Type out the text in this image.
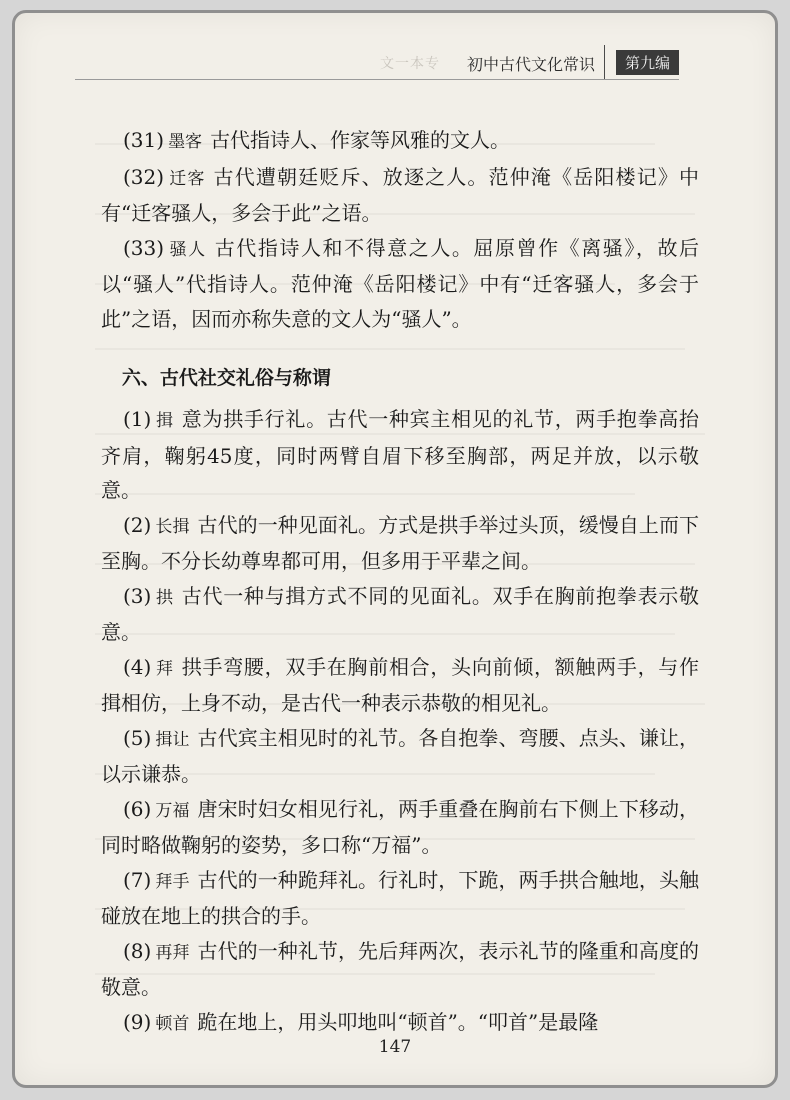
文一本专 初中古代文化常识	第九编

(31) 墨客 古代指诗人、作家等风雅的文人。

(32) 迁客 古代遭朝廷贬斥、放逐之人。范仲淹《岳阳楼记》中有“迁客骚人，多会于此”之语。

(33) 骚人 古代指诗人和不得意之人。屈原曾作《离骚》，故后以“骚人”代指诗人。范仲淹《岳阳楼记》中有“迁客骚人，多会于此”之语，因而亦称失意的文人为“骚人”。

六、古代社交礼俗与称谓

(1) 揖 意为拱手行礼。古代一种宾主相见的礼节，两手抱拳高抬齐肩，鞠躬45度，同时两臂自眉下移至胸部，两足并放，以示敬意。

(2) 长揖 古代的一种见面礼。方式是拱手举过头顶，缓慢自上而下至胸。不分长幼尊卑都可用，但多用于平辈之间。

(3) 拱 古代一种与揖方式不同的见面礼。双手在胸前抱拳表示敬意。

(4) 拜 拱手弯腰，双手在胸前相合，头向前倾，额触两手，与作揖相仿，上身不动，是古代一种表示恭敬的相见礼。

(5) 揖让 古代宾主相见时的礼节。各自抱拳、弯腰、点头、谦让，以示谦恭。

(6) 万福 唐宋时妇女相见行礼，两手重叠在胸前右下侧上下移动，同时略做鞠躬的姿势，多口称“万福”。

(7) 拜手 古代的一种跪拜礼。行礼时，下跪，两手拱合触地，头触碰放在地上的拱合的手。

(8) 再拜 古代的一种礼节，先后拜两次，表示礼节的隆重和高度的敬意。

(9) 顿首 跪在地上，用头叩地叫“顿首”。“叩首”是最隆

147
